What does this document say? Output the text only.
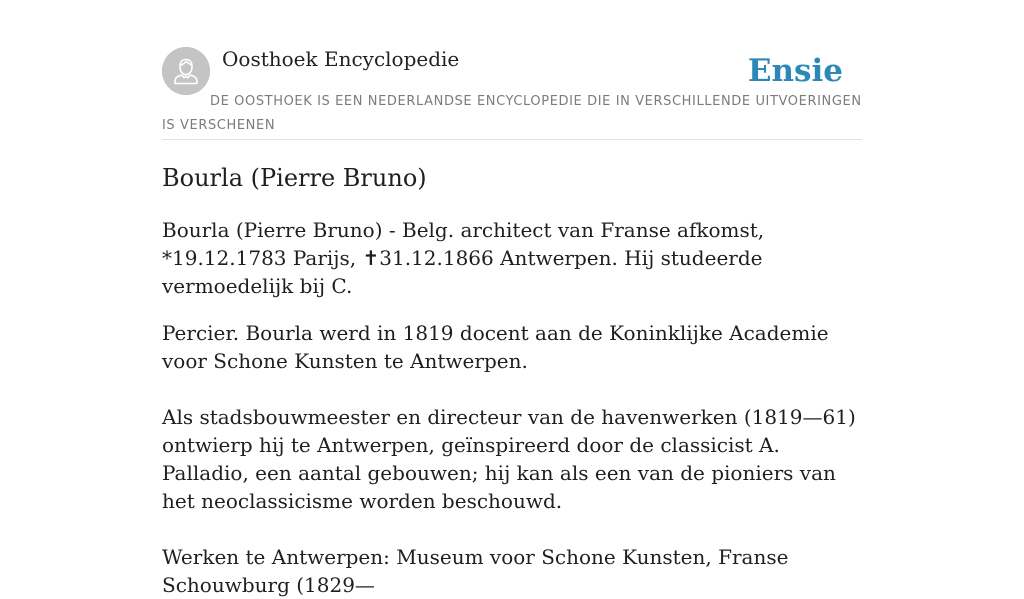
Oosthoek Encyclopedie	Ensie
DE OOSTHOEK IS EEN NEDERLANDSE ENCYCLOPEDIE DIE IN VERSCHILLENDE UITVOERINGEN IS VERSCHENEN
Bourla (Pierre Bruno)

Bourla (Pierre Bruno) - Belg. architect van Franse afkomst, *19.12.1783 Parijs, ✝31.12.1866 Antwerpen. Hij studeerde vermoedelijk bij C.

Percier. Bourla werd in 1819 docent aan de Koninklijke Academie voor Schone Kunsten te Antwerpen.

Als stadsbouwmeester en directeur van de havenwerken (1819—61) ontwierp hij te Antwerpen, geïnspireerd door de classicist A. Palladio, een aantal gebouwen; hij kan als een van de pioniers van het neoclassicisme worden beschouwd.

Werken te Antwerpen: Museum voor Schone Kunsten, Franse Schouwburg (1829—
